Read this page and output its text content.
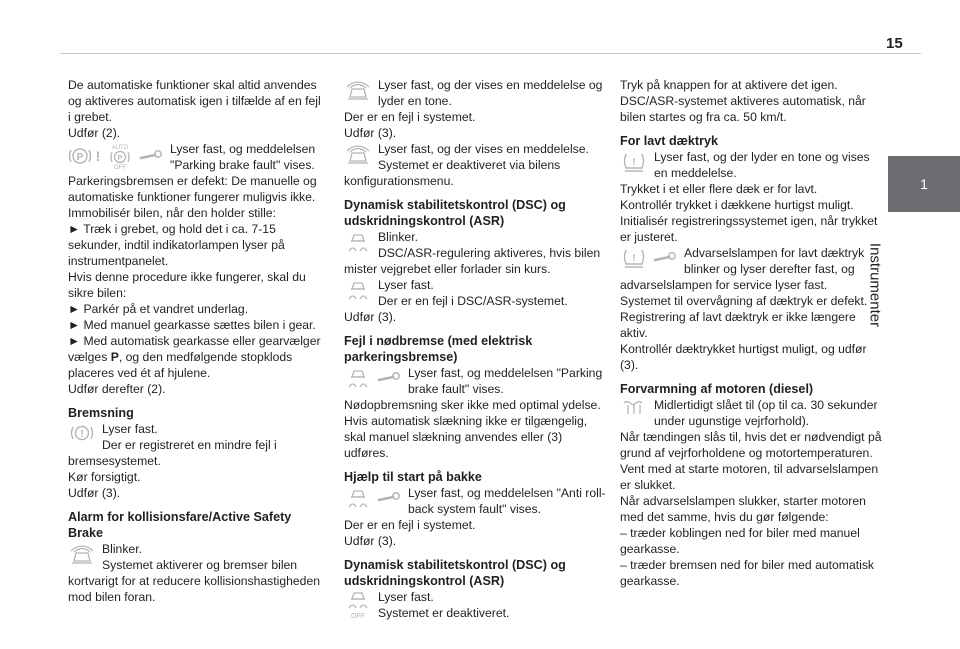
15
1
Instrumenter

De automatiske funktioner skal altid anvendes og aktiveres automatisk igen i tilfælde af en fejl i grebet.

Udfør (2).

P ! AUTO
P
OFF

Lyser fast, og meddelelsen "Parking brake fault" vises.

Parkeringsbremsen er defekt: De manuelle og automatiske funktioner fungerer muligvis ikke.

Immobilisér bilen, når den holder stille:

► Træk i grebet, og hold det i ca. 7-15 sekunder, indtil indikatorlampen lyser på instrumentpanelet.

Hvis denne procedure ikke fungerer, skal du sikre bilen:

► Parkér på et vandret underlag.

► Med manuel gearkasse sættes bilen i gear.

► Med automatisk gearkasse eller gearvælger vælges P, og den medfølgende stopklods placeres ved ét af hjulene.

Udfør derefter (2).

Bremsning
!	Lyser fast.

Der er registreret en mindre fejl i bremsesystemet.

Kør forsigtigt.

Udfør (3).

Alarm for kollisionsfare/Active Safety Brake

Blinker.

Systemet aktiverer og bremser bilen kortvarigt for at reducere kollisionshastigheden mod bilen foran.

Lyser fast, og der vises en meddelelse og lyder en tone.

Der er en fejl i systemet.

Udfør (3).

Lyser fast, og der vises en meddelelse.

Systemet er deaktiveret via bilens konfigurationsmenu.

Dynamisk stabilitetskontrol (DSC) og udskridningskontrol (ASR)

Blinker.

DSC/ASR-regulering aktiveres, hvis bilen mister vejgrebet eller forlader sin kurs.

Lyser fast.

Der er en fejl i DSC/ASR-systemet.

Udfør (3).

Fejl i nødbremse (med elektrisk parkeringsbremse)

Lyser fast, og meddelelsen "Parking brake fault" vises.

Nødopbremsning sker ikke med optimal ydelse.

Hvis automatisk slækning ikke er tilgængelig, skal manuel slækning anvendes eller (3) udføres.

Hjælp til start på bakke

Lyser fast, og meddelelsen "Anti roll-back system fault" vises.

Der er en fejl i systemet.

Udfør (3).

Dynamisk stabilitetskontrol (DSC) og udskridningskontrol (ASR)
OFF

Lyser fast.

Systemet er deaktiveret.

Tryk på knappen for at aktivere det igen.

DSC/ASR-systemet aktiveres automatisk, når bilen startes og fra ca. 50 km/t.

For lavt dæktryk
!	Lyser fast, og der lyder en tone og vises en meddelelse.

Trykket i et eller flere dæk er for lavt.

Kontrollér trykket i dækkene hurtigst muligt.

Initialisér registreringssystemet igen, når trykket er justeret.

!	Advarselslampen for lavt dæktryk blinker og lyser derefter fast, og advarselslampen for service lyser fast.

Systemet til overvågning af dæktryk er defekt.

Registrering af lavt dæktryk er ikke længere aktiv.

Kontrollér dæktrykket hurtigst muligt, og udfør (3).

Forvarmning af motoren (diesel)

Midlertidigt slået til (op til ca. 30 sekunder under ugunstige vejrforhold).

Når tændingen slås til, hvis det er nødvendigt på grund af vejrforholdene og motortemperaturen.

Vent med at starte motoren, til advarselslampen er slukket.

Når advarselslampen slukker, starter motoren med det samme, hvis du gør følgende:

– træder koblingen ned for biler med manuel gearkasse.

– træder bremsen ned for biler med automatisk gearkasse.
